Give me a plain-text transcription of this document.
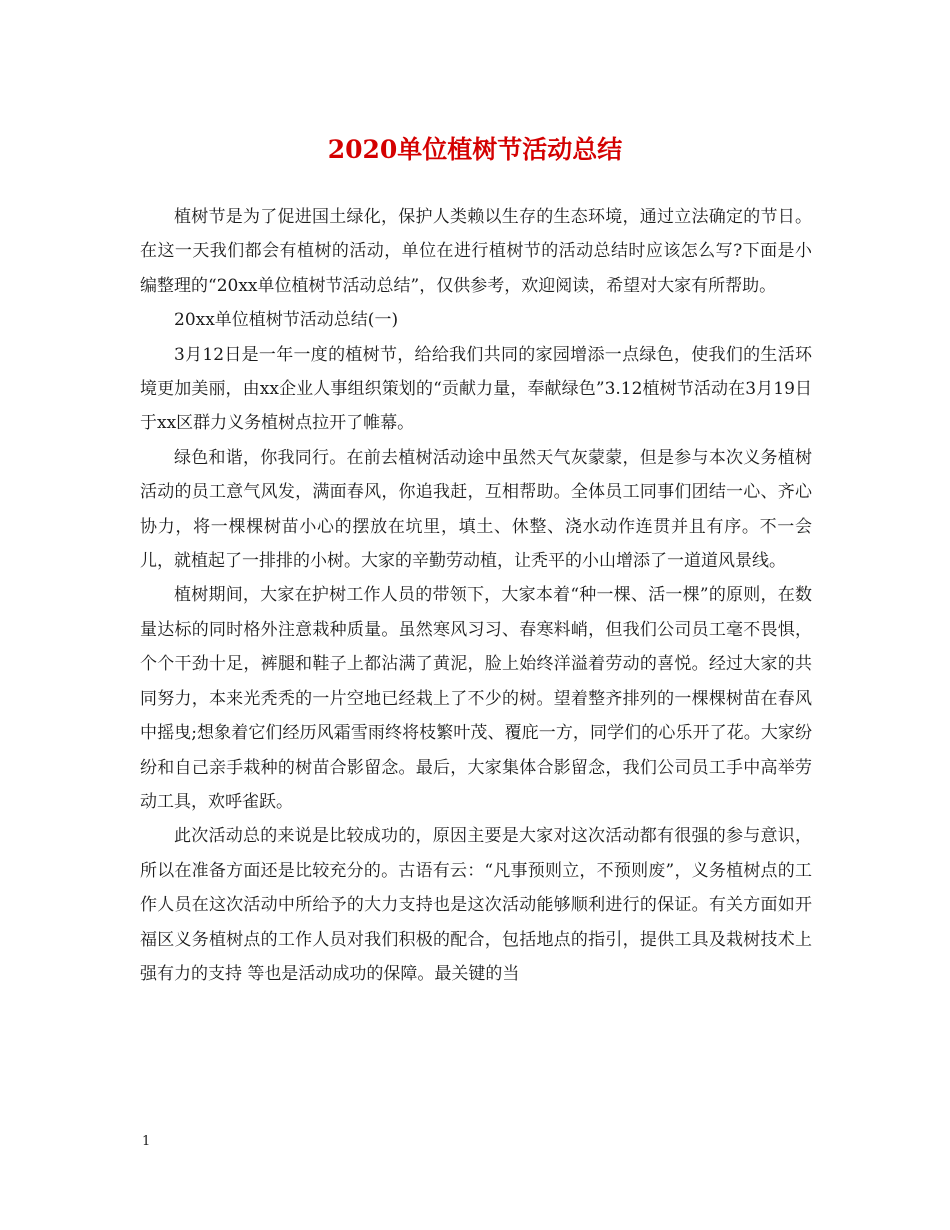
2020单位植树节活动总结

植树节是为了促进国土绿化，保护人类赖以生存的生态环境，通过立法确定的节日。在这一天我们都会有植树的活动，单位在进行植树节的活动总结时应该怎么写?下面是小编整理的“20xx单位植树节活动总结”，仅供参考，欢迎阅读，希望对大家有所帮助。

20xx单位植树节活动总结(一)

3月12日是一年一度的植树节，给给我们共同的家园增添一点绿色，使我们的生活环境更加美丽，由xx企业人事组织策划的“贡献力量，奉献绿色”3.12植树节活动在3月19日于xx区群力义务植树点拉开了帷幕。

绿色和谐，你我同行。在前去植树活动途中虽然天气灰蒙蒙，但是参与本次义务植树活动的员工意气风发，满面春风，你追我赶，互相帮助。全体员工同事们团结一心、齐心协力，将一棵棵树苗小心的摆放在坑里，填土、休整、浇水动作连贯并且有序。不一会儿，就植起了一排排的小树。大家的辛勤劳动植，让秃平的小山增添了一道道风景线。

植树期间，大家在护树工作人员的带领下，大家本着“种一棵、活一棵”的原则，在数量达标的同时格外注意栽种质量。虽然寒风习习、春寒料峭，但我们公司员工毫不畏惧，个个干劲十足，裤腿和鞋子上都沾满了黄泥，脸上始终洋溢着劳动的喜悦。经过大家的共同努力，本来光秃秃的一片空地已经栽上了不少的树。望着整齐排列的一棵棵树苗在春风中摇曳;想象着它们经历风霜雪雨终将枝繁叶茂、覆庇一方，同学们的心乐开了花。大家纷纷和自己亲手栽种的树苗合影留念。最后，大家集体合影留念，我们公司员工手中高举劳动工具，欢呼雀跃。

此次活动总的来说是比较成功的，原因主要是大家对这次活动都有很强的参与意识，所以在准备方面还是比较充分的。古语有云：“凡事预则立，不预则废”，义务植树点的工作人员在这次活动中所给予的大力支持也是这次活动能够顺利进行的保证。有关方面如开福区义务植树点的工作人员对我们积极的配合，包括地点的指引，提供工具及栽树技术上强有力的支持 等也是活动成功的保障。最关键的当

1
